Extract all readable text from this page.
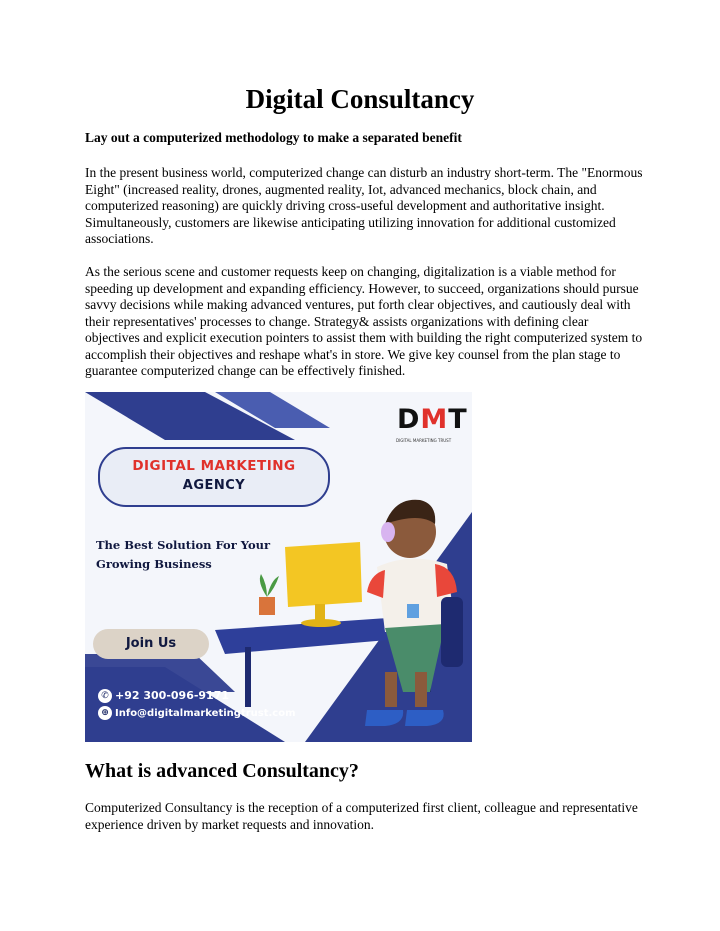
Digital Consultancy

Lay out a computerized methodology to make a separated benefit

In the present business world, computerized change can disturb an industry short-term. The "Enormous Eight" (increased reality, drones, augmented reality, Iot, advanced mechanics, block chain, and computerized reasoning) are quickly driving cross-useful development and authoritative insight. Simultaneously, customers are likewise anticipating utilizing innovation for additional customized associations.

As the serious scene and customer requests keep on changing, digitalization is a viable method for speeding up development and expanding efficiency. However, to succeed, organizations should pursue savvy decisions while making advanced ventures, put forth clear objectives, and cautiously deal with their representatives' processes to change. Strategy& assists organizations with defining clear objectives and explicit execution pointers to assist them with building the right computerized system to accomplish their objectives and reshape what's in store. We give key counsel from the plan stage to guarantee computerized change can be effectively finished.

DMT
DIGITAL MARKETING TRUST
DIGITAL MARKETING
AGENCY
The Best Solution For Your
Growing Business
Join Us
✆ +92 300-096-9171
⊕ Info@digitalmarketingtrust.com
What is advanced Consultancy?

Computerized Consultancy is the reception of a computerized first client, colleague and representative experience driven by market requests and innovation.
